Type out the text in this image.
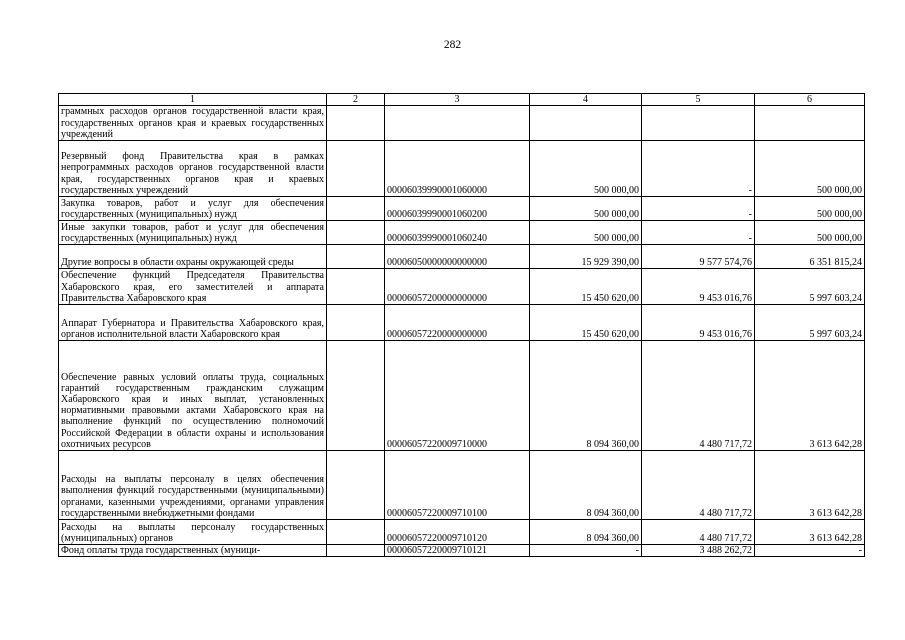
282
1	2	3	4	5	6

граммных расходов органов государственной власти края, государственных органов края и краевых государственных учреждений					

Резервный фонд Правительства края в рамках непрограммных расходов органов государственной власти края, государственных органов края и краевых государственных учреждений		00006039990001060000	500 000,00	-	500 000,00

Закупка товаров, работ и услуг для обеспечения государственных (муниципальных) нужд		00006039990001060200	500 000,00	-	500 000,00

Иные закупки товаров, работ и услуг для обеспечения государственных (муниципальных) нужд		00006039990001060240	500 000,00	-	500 000,00

Другие вопросы в области охраны окружающей среды		00006050000000000000	15 929 390,00	9 577 574,76	6 351 815,24

Обеспечение функций Председателя Правительства Хабаровского края, его заместителей и аппарата Правительства Хабаровского края		00006057200000000000	15 450 620,00	9 453 016,76	5 997 603,24

Аппарат Губернатора и Правительства Хабаровского края, органов исполнительной власти Хабаровского края		00006057220000000000	15 450 620,00	9 453 016,76	5 997 603,24

Обеспечение равных условий оплаты труда, социальных гарантий государственным гражданским служащим Хабаровского края и иных выплат, установленных нормативными правовыми актами Хабаровского края на выполнение функций по осуществлению полномочий Российской Федерации в области охраны и использования охотничьих ресурсов		00006057220009710000	8 094 360,00	4 480 717,72	3 613 642,28

Расходы на выплаты персоналу в целях обеспечения выполнения функций государственными (муниципальными) органами, казенными учреждениями, органами управления государственными внебюджетными фондами		00006057220009710100	8 094 360,00	4 480 717,72	3 613 642,28

Расходы на выплаты персоналу государственных (муниципальных) органов		00006057220009710120	8 094 360,00	4 480 717,72	3 613 642,28

Фонд оплаты труда государственных (муници-		00006057220009710121	-	3 488 262,72	-
